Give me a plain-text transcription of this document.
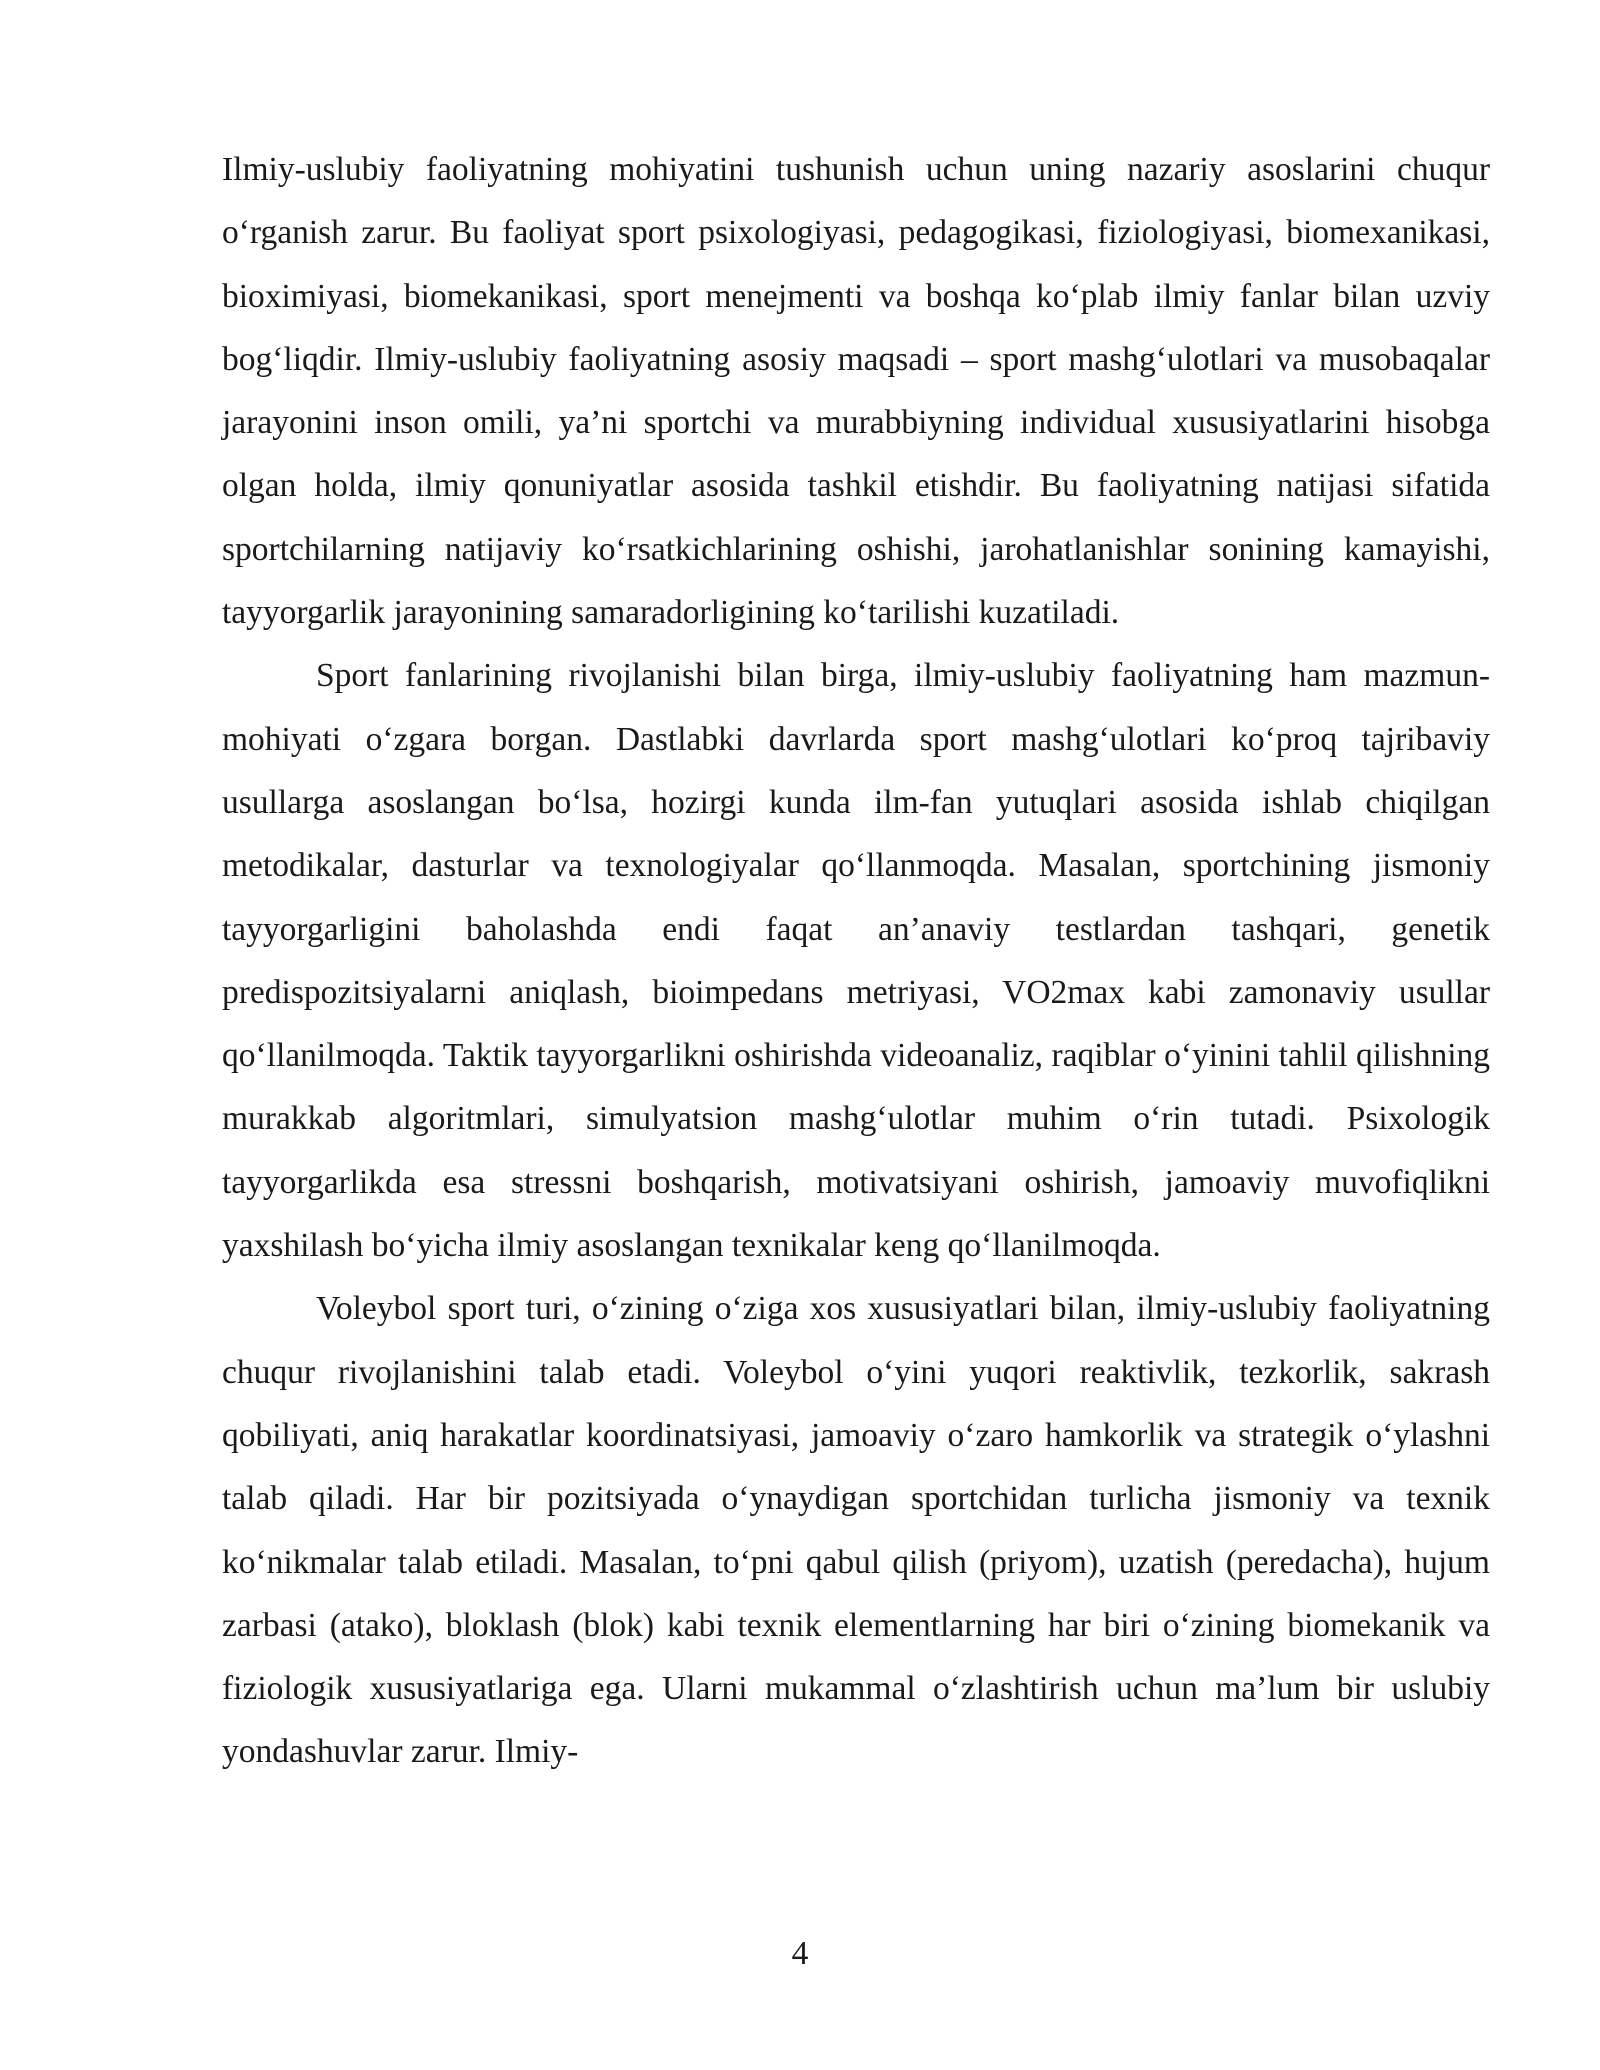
Ilmiy-uslubiy faoliyatning mohiyatini tushunish uchun uning nazariy asoslarini chuqur o‘rganish zarur. Bu faoliyat sport psixologiyasi, pedagogikasi, fiziologiyasi, biomexanikasi, bioximiyasi, biomekanikasi, sport menejmenti va boshqa ko‘plab ilmiy fanlar bilan uzviy bog‘liqdir. Ilmiy-uslubiy faoliyatning asosiy maqsadi – sport mashg‘ulotlari va musobaqalar jarayonini inson omili, ya’ni sportchi va murabbiyning individual xususiyatlarini hisobga olgan holda, ilmiy qonuniyatlar asosida tashkil etishdir. Bu faoliyatning natijasi sifatida sportchilarning natijaviy ko‘rsatkichlarining oshishi, jarohatlanishlar sonining kamayishi, tayyorgarlik jarayonining samaradorligining ko‘tarilishi kuzatiladi.

Sport fanlarining rivojlanishi bilan birga, ilmiy-uslubiy faoliyatning ham mazmun-mohiyati o‘zgara borgan. Dastlabki davrlarda sport mashg‘ulotlari ko‘proq tajribaviy usullarga asoslangan bo‘lsa, hozirgi kunda ilm-fan yutuqlari asosida ishlab chiqilgan metodikalar, dasturlar va texnologiyalar qo‘llanmoqda. Masalan, sportchining jismoniy tayyorgarligini baholashda endi faqat an’anaviy testlardan tashqari, genetik predispozitsiyalarni aniqlash, bioimpedans metriyasi, VO2max kabi zamonaviy usullar qo‘llanilmoqda. Taktik tayyorgarlikni oshirishda videoanaliz, raqiblar o‘yinini tahlil qilishning murakkab algoritmlari, simulyatsion mashg‘ulotlar muhim o‘rin tutadi. Psixologik tayyorgarlikda esa stressni boshqarish, motivatsiyani oshirish, jamoaviy muvofiqlikni yaxshilash bo‘yicha ilmiy asoslangan texnikalar keng qo‘llanilmoqda.

Voleybol sport turi, o‘zining o‘ziga xos xususiyatlari bilan, ilmiy-uslubiy faoliyatning chuqur rivojlanishini talab etadi. Voleybol o‘yini yuqori reaktivlik, tezkorlik, sakrash qobiliyati, aniq harakatlar koordinatsiyasi, jamoaviy o‘zaro hamkorlik va strategik o‘ylashni talab qiladi. Har bir pozitsiyada o‘ynaydigan sportchidan turlicha jismoniy va texnik ko‘nikmalar talab etiladi. Masalan, to‘pni qabul qilish (priyom), uzatish (peredacha), hujum zarbasi (atako), bloklash (blok) kabi texnik elementlarning har biri o‘zining biomekanik va fiziologik xususiyatlariga ega. Ularni mukammal o‘zlashtirish uchun ma’lum bir uslubiy yondashuvlar zarur. Ilmiy-

4
